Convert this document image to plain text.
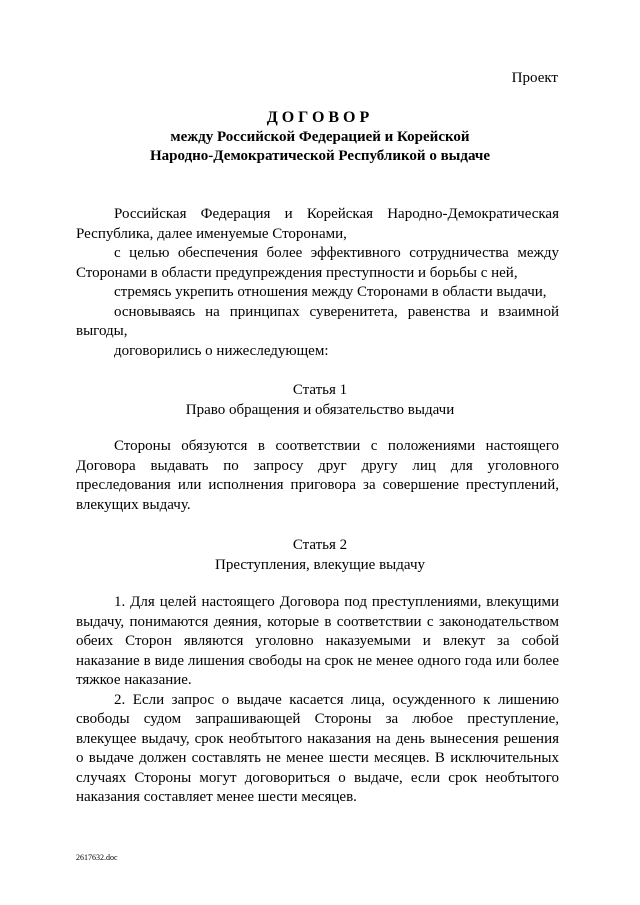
Проект
ДОГОВОР
между Российской Федерацией и Корейской
Народно-Демократической Республикой о выдаче

Российская Федерация и Корейская Народно-Демократическая Республика, далее именуемые Сторонами,

с целью обеспечения более эффективного сотрудничества между Сторонами в области предупреждения преступности и борьбы с ней,

стремясь укрепить отношения между Сторонами в области выдачи,

основываясь на принципах суверенитета, равенства и взаимной выгоды,

договорились о нижеследующем:

Статья 1
Право обращения и обязательство выдачи

Стороны обязуются в соответствии с положениями настоящего Договора выдавать по запросу друг другу лиц для уголовного преследования или исполнения приговора за совершение преступлений, влекущих выдачу.

Статья 2
Преступления, влекущие выдачу

1. Для целей настоящего Договора под преступлениями, влекущими выдачу, понимаются деяния, которые в соответствии с законодательством обеих Сторон являются уголовно наказуемыми и влекут за собой наказание в виде лишения свободы на срок не менее одного года или более тяжкое наказание.

2. Если запрос о выдаче касается лица, осужденного к лишению свободы судом запрашивающей Стороны за любое преступление, влекущее выдачу, срок необтытого наказания на день вынесения решения о выдаче должен составлять не менее шести месяцев. В исключительных случаях Стороны могут договориться о выдаче, если срок необтытого наказания составляет менее шести месяцев.

2617632.doc
